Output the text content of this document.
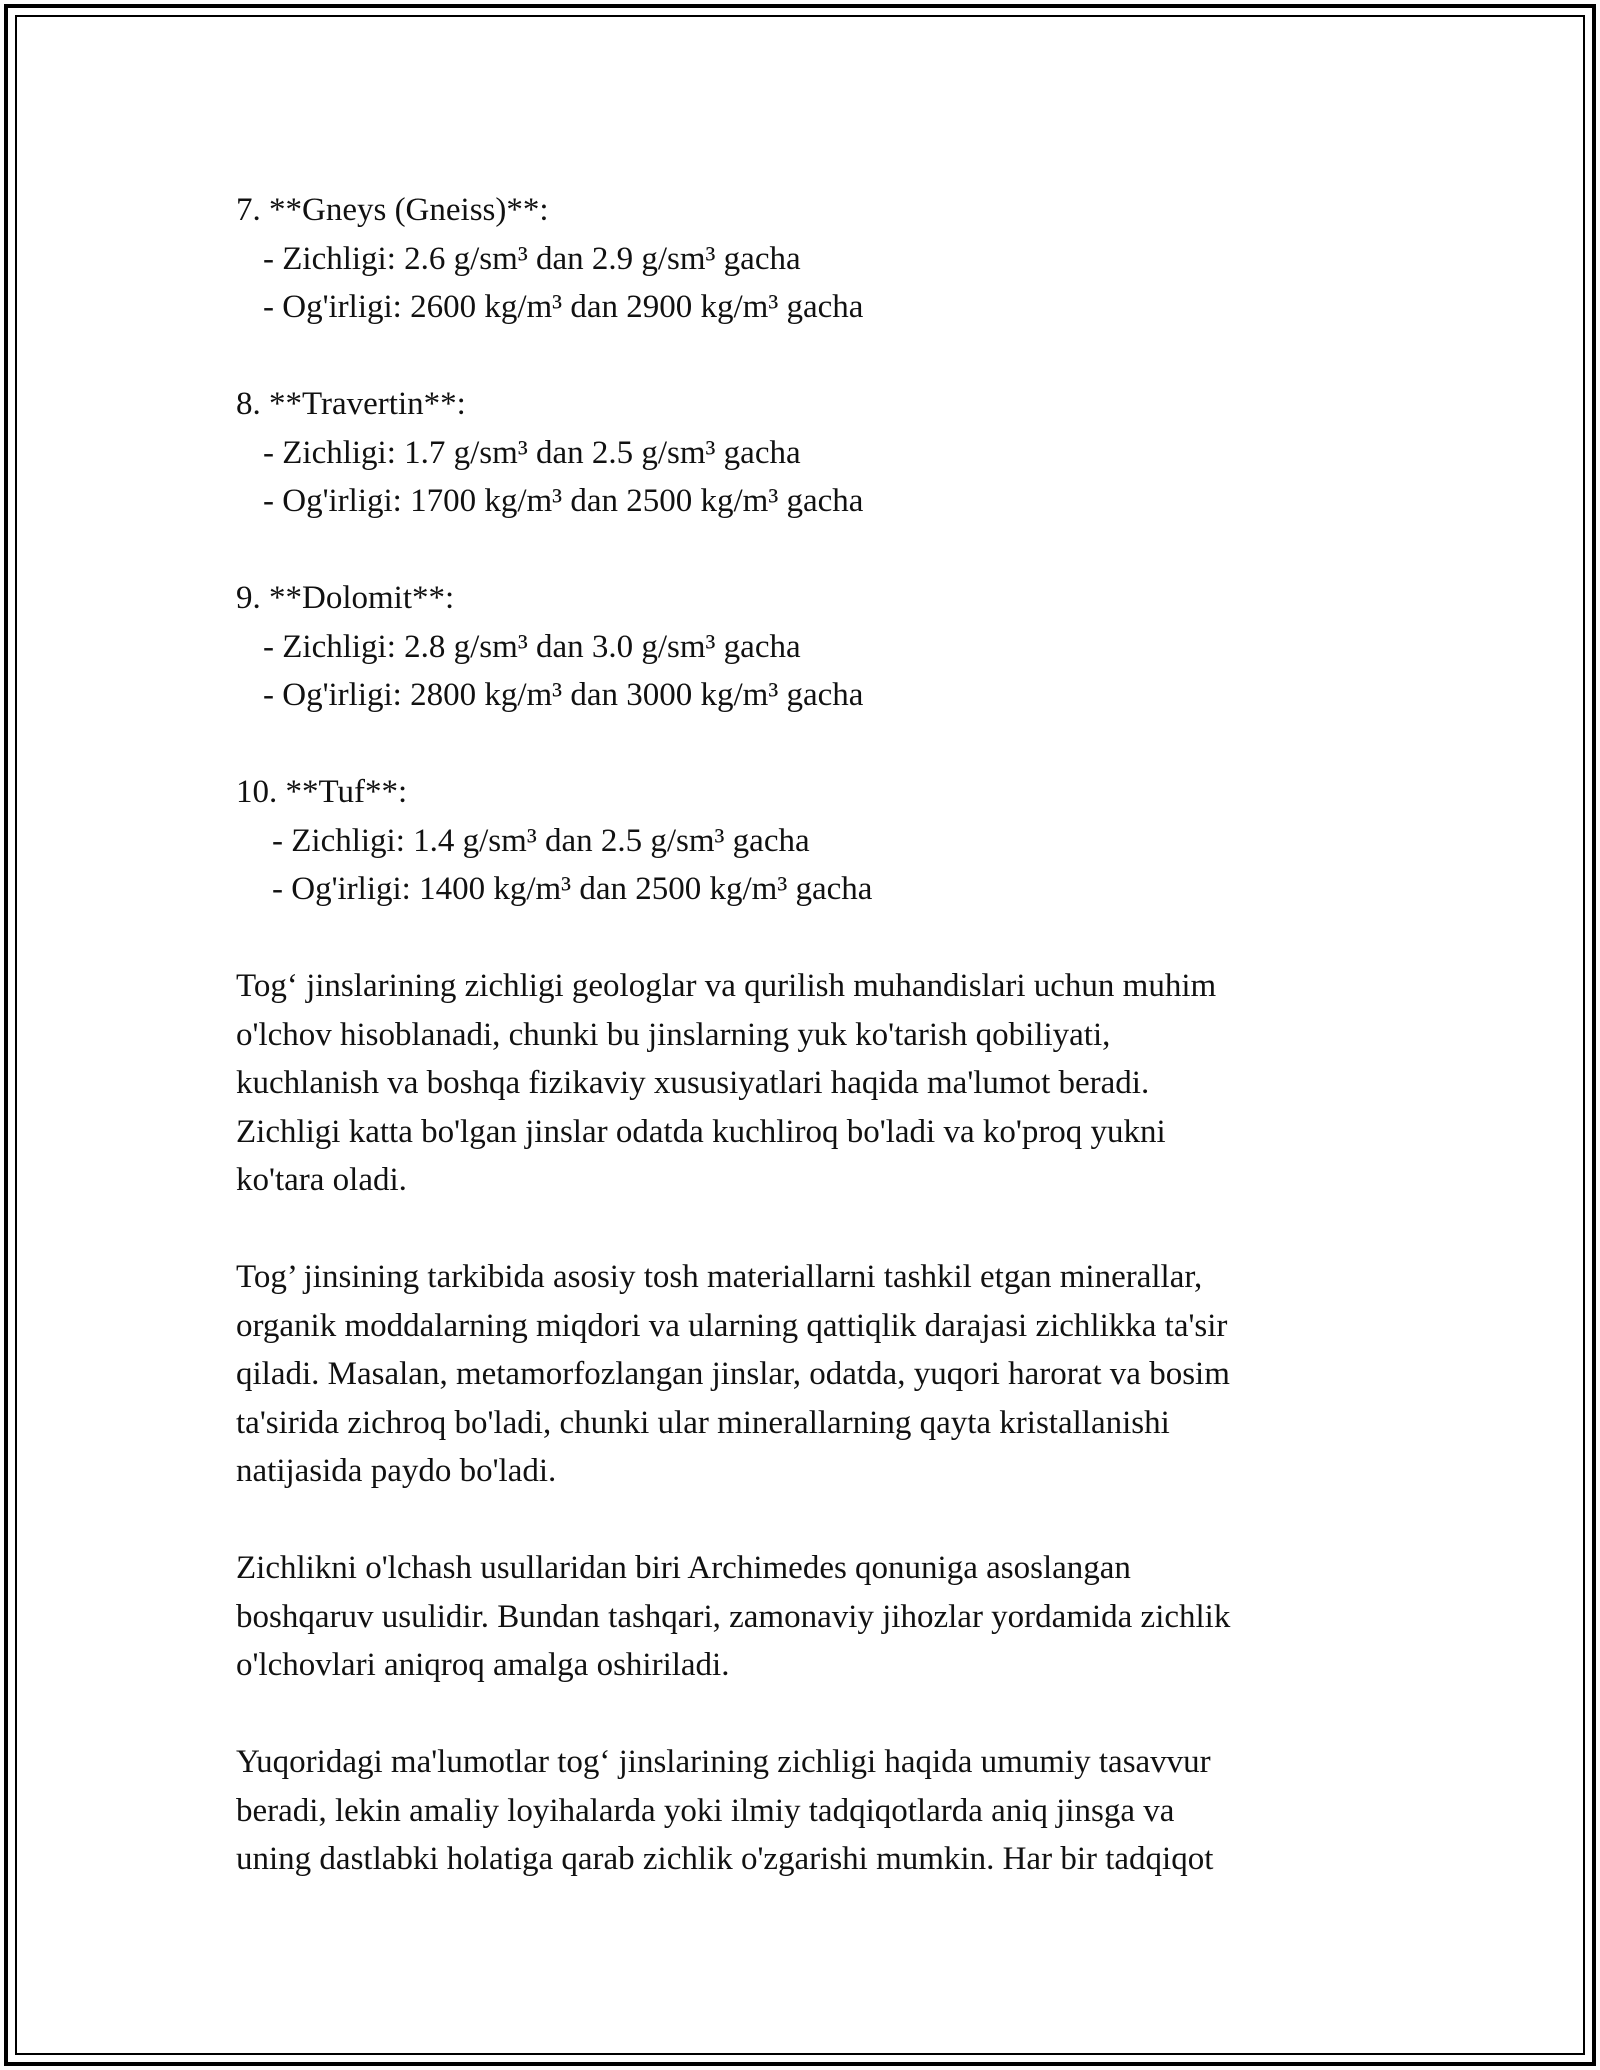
7. **Gneys (Gneiss)**:
- Zichligi: 2.6 g/sm³ dan 2.9 g/sm³ gacha
- Og'irligi: 2600 kg/m³ dan 2900 kg/m³ gacha
8. **Travertin**:
- Zichligi: 1.7 g/sm³ dan 2.5 g/sm³ gacha
- Og'irligi: 1700 kg/m³ dan 2500 kg/m³ gacha
9. **Dolomit**:
- Zichligi: 2.8 g/sm³ dan 3.0 g/sm³ gacha
- Og'irligi: 2800 kg/m³ dan 3000 kg/m³ gacha
10. **Tuf**:
- Zichligi: 1.4 g/sm³ dan 2.5 g/sm³ gacha
- Og'irligi: 1400 kg/m³ dan 2500 kg/m³ gacha
Tog‘ jinslarining zichligi geologlar va qurilish muhandislari uchun muhim
o'lchov hisoblanadi, chunki bu jinslarning yuk ko'tarish qobiliyati,
kuchlanish va boshqa fizikaviy xususiyatlari haqida ma'lumot beradi.
Zichligi katta bo'lgan jinslar odatda kuchliroq bo'ladi va ko'proq yukni
ko'tara oladi.
Tog’ jinsining tarkibida asosiy tosh materiallarni tashkil etgan minerallar,
organik moddalarning miqdori va ularning qattiqlik darajasi zichlikka ta'sir
qiladi. Masalan, metamorfozlangan jinslar, odatda, yuqori harorat va bosim
ta'sirida zichroq bo'ladi, chunki ular minerallarning qayta kristallanishi
natijasida paydo bo'ladi.
Zichlikni o'lchash usullaridan biri Archimedes qonuniga asoslangan
boshqaruv usulidir. Bundan tashqari, zamonaviy jihozlar yordamida zichlik
o'lchovlari aniqroq amalga oshiriladi.
Yuqoridagi ma'lumotlar tog‘ jinslarining zichligi haqida umumiy tasavvur
beradi, lekin amaliy loyihalarda yoki ilmiy tadqiqotlarda aniq jinsga va
uning dastlabki holatiga qarab zichlik o'zgarishi mumkin. Har bir tadqiqot
